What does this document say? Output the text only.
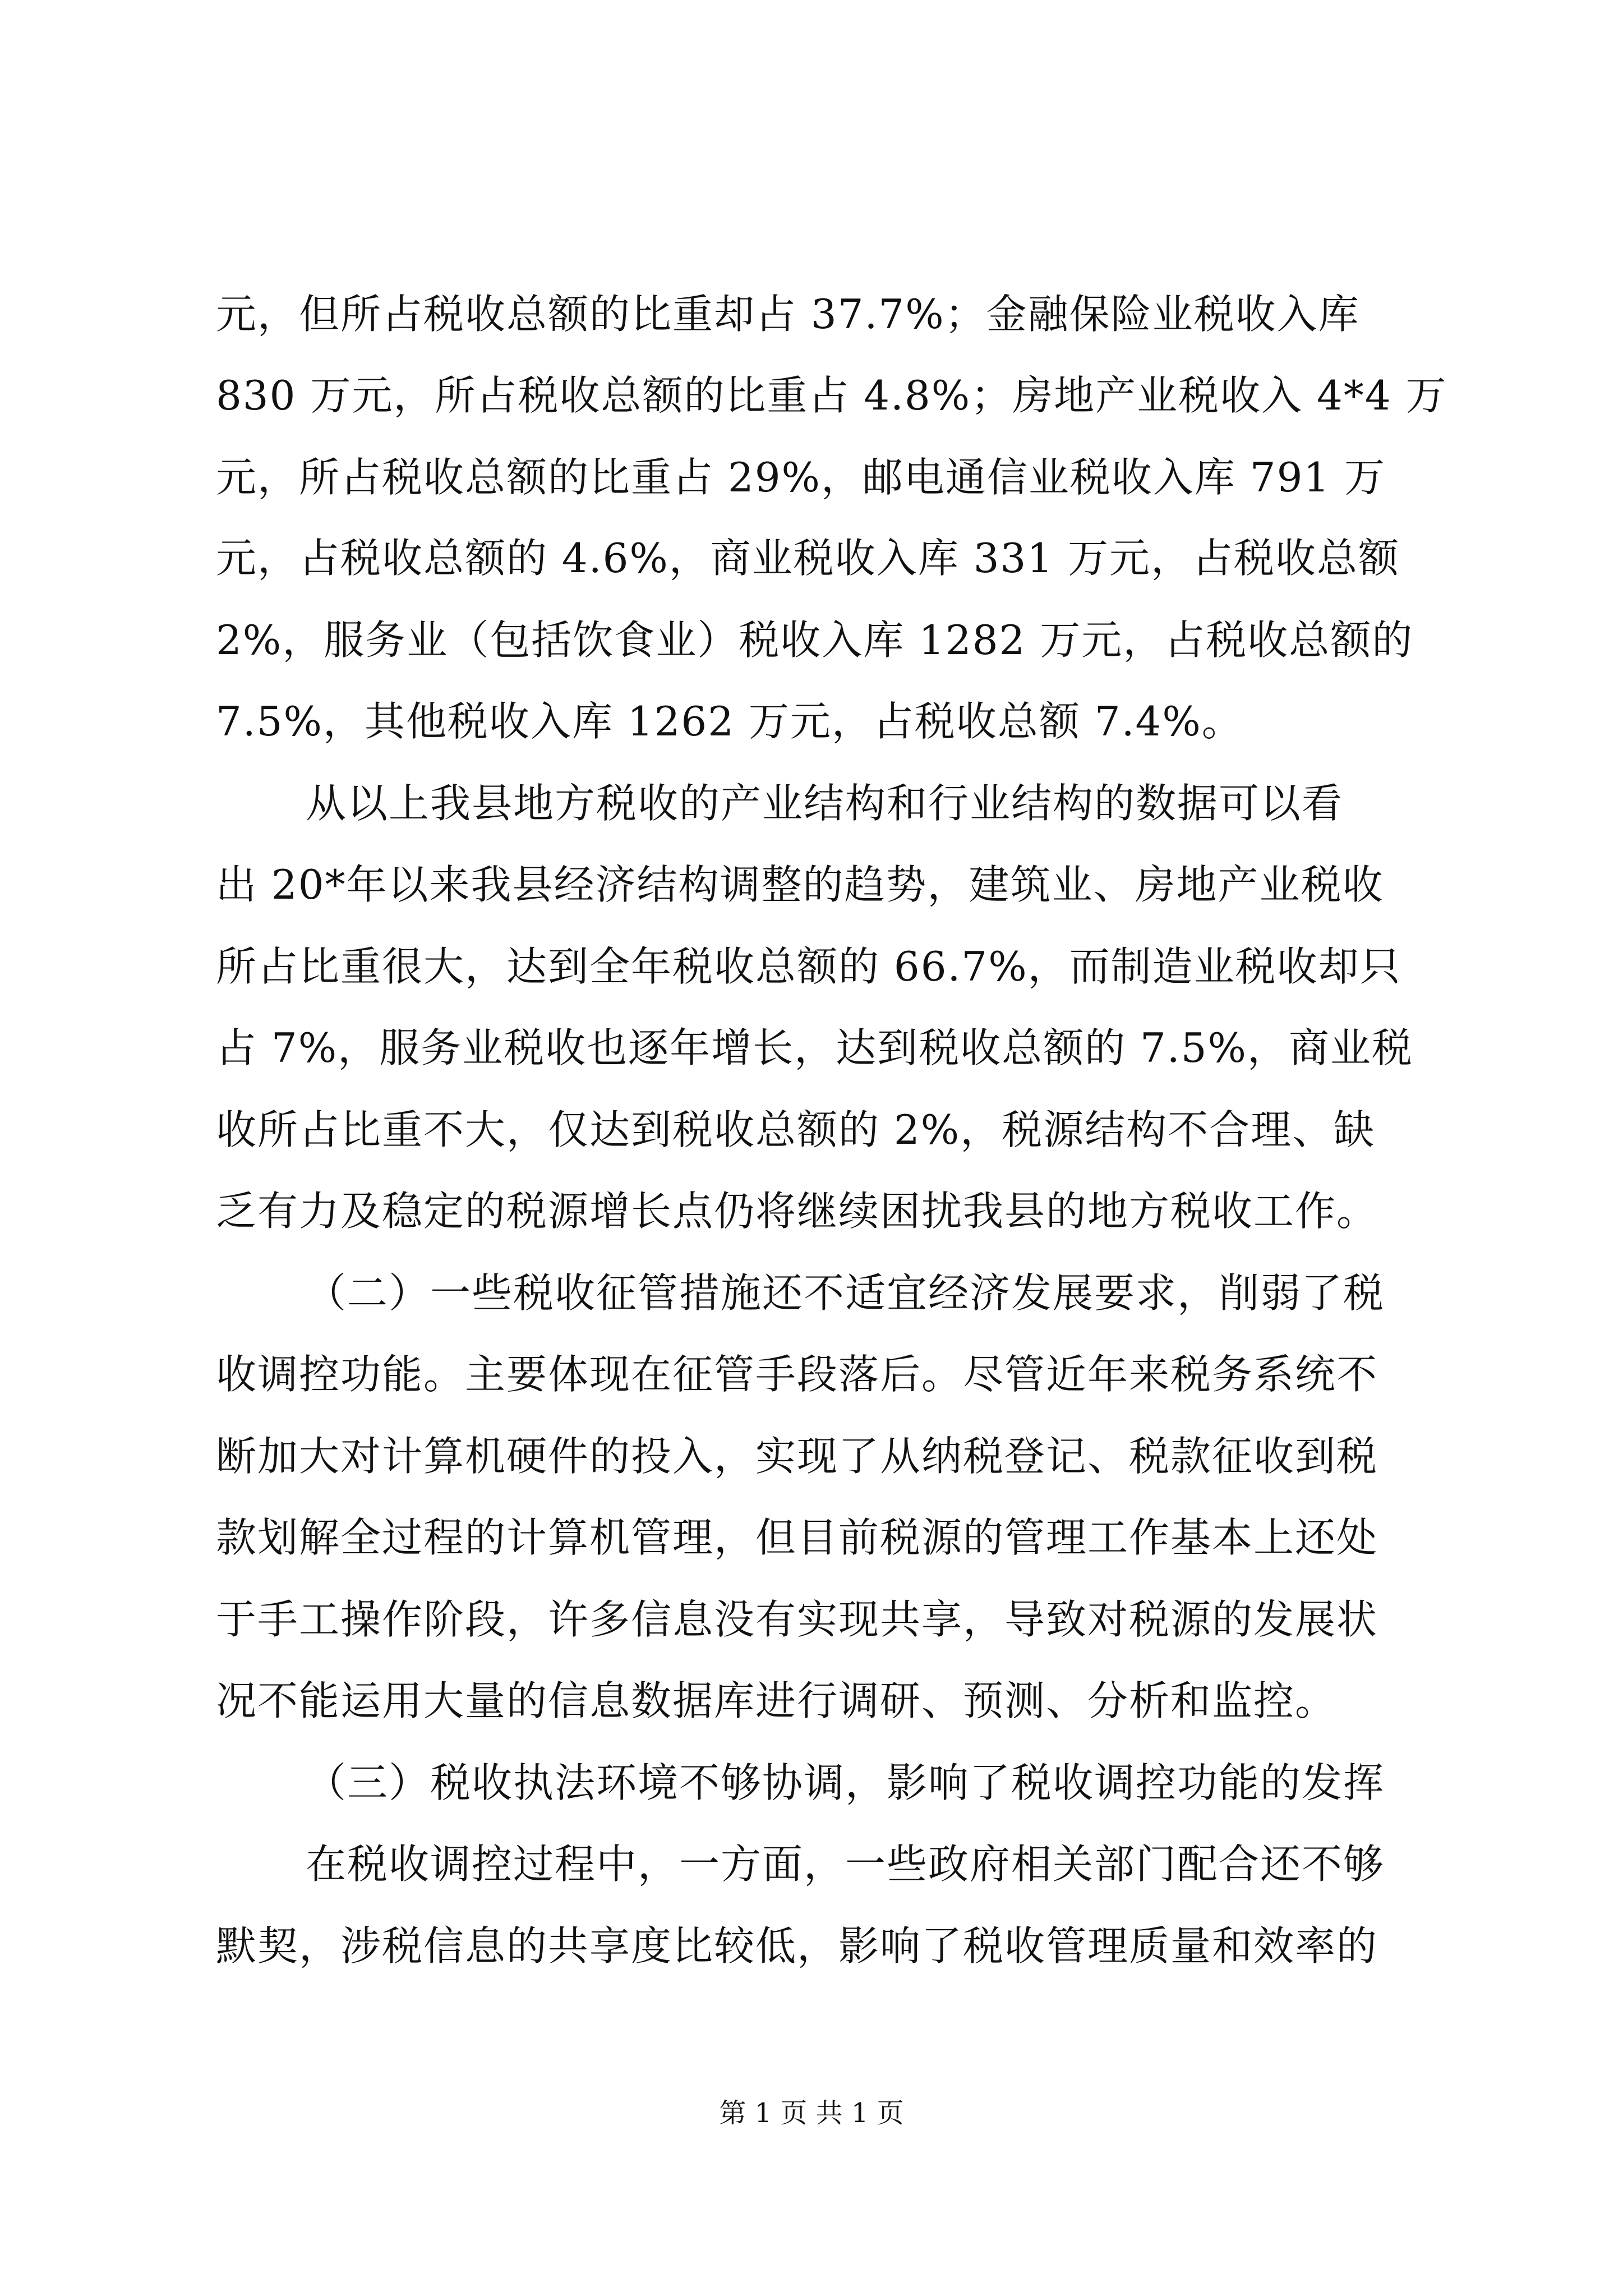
元，但所占税收总额的比重却占 37.7%；金融保险业税收入库
830 万元，所占税收总额的比重占 4.8%；房地产业税收入 4*4 万
元，所占税收总额的比重占 29%，邮电通信业税收入库 791 万
元，占税收总额的 4.6%，商业税收入库 331 万元，占税收总额
2%，服务业（包括饮食业）税收入库 1282 万元，占税收总额的
7.5%，其他税收入库 1262 万元，占税收总额 7.4%。
从以上我县地方税收的产业结构和行业结构的数据可以看
出 20*年以来我县经济结构调整的趋势，建筑业、房地产业税收
所占比重很大，达到全年税收总额的 66.7%，而制造业税收却只
占 7%，服务业税收也逐年增长，达到税收总额的 7.5%，商业税
收所占比重不大，仅达到税收总额的 2%，税源结构不合理、缺
乏有力及稳定的税源增长点仍将继续困扰我县的地方税收工作。
（二）一些税收征管措施还不适宜经济发展要求，削弱了税
收调控功能。主要体现在征管手段落后。尽管近年来税务系统不
断加大对计算机硬件的投入，实现了从纳税登记、税款征收到税
款划解全过程的计算机管理，但目前税源的管理工作基本上还处
于手工操作阶段，许多信息没有实现共享，导致对税源的发展状
况不能运用大量的信息数据库进行调研、预测、分析和监控。
（三）税收执法环境不够协调，影响了税收调控功能的发挥
在税收调控过程中，一方面，一些政府相关部门配合还不够
默契，涉税信息的共享度比较低，影响了税收管理质量和效率的
第 1 页 共 1 页
